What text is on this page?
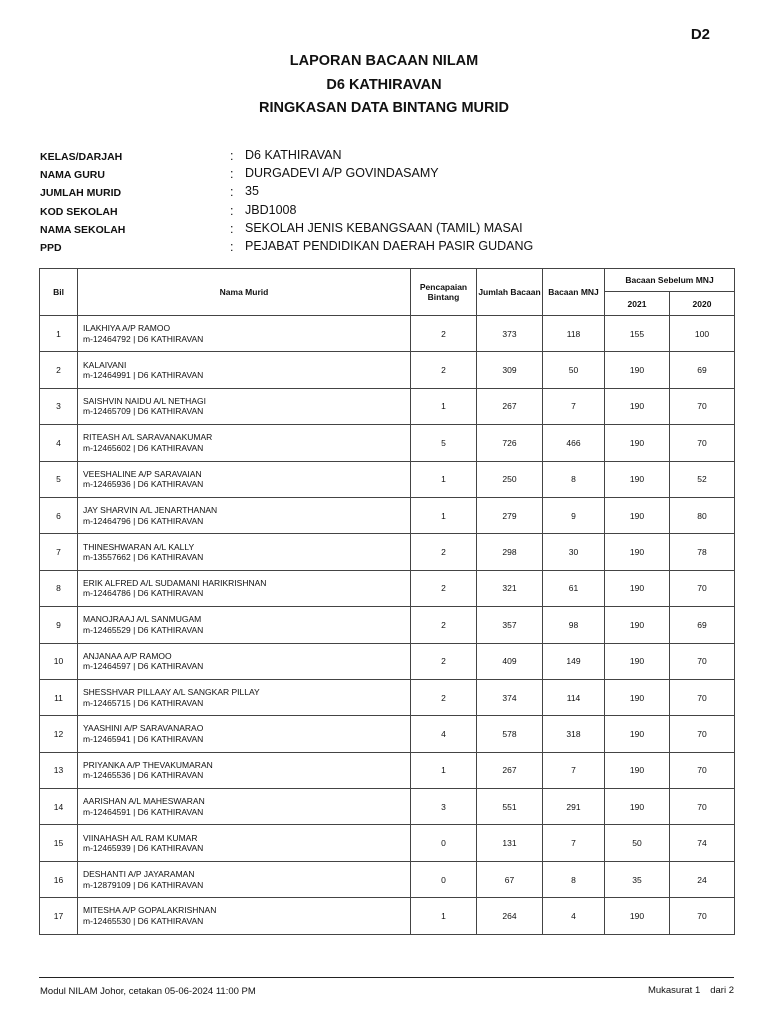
D2
LAPORAN BACAAN NILAM
D6 KATHIRAVAN
RINGKASAN DATA BINTANG MURID
KELAS/DARJAH	: D6 KATHIRAVAN
NAMA GURU	: DURGADEVI A/P GOVINDASAMY
JUMLAH MURID	: 35
KOD SEKOLAH	: JBD1008
NAMA SEKOLAH	: SEKOLAH JENIS KEBANGSAAN (TAMIL) MASAI
PPD	: PEJABAT PENDIDIKAN DAERAH PASIR GUDANG
Bil	Nama Murid	Pencapaian Bintang	Jumlah Bacaan	Bacaan MNJ	Bacaan Sebelum MNJ	
					2021	2020
1	ILAKHIYA A/P RAMOO
m-12464792 | D6 KATHIRAVAN	2	373	118	155	100
2	KALAIVANI
m-12464991 | D6 KATHIRAVAN	2	309	50	190	69
3	SAISHVIN NAIDU A/L NETHAGI
m-12465709 | D6 KATHIRAVAN	1	267	7	190	70
4	RITEASH A/L SARAVANAKUMAR
m-12465602 | D6 KATHIRAVAN	5	726	466	190	70
5	VEESHALINE A/P SARAVAIAN
m-12465936 | D6 KATHIRAVAN	1	250	8	190	52
6	JAY SHARVIN A/L JENARTHANAN
m-12464796 | D6 KATHIRAVAN	1	279	9	190	80
7	THINESHWARAN A/L KALLY
m-13557662 | D6 KATHIRAVAN	2	298	30	190	78
8	ERIK ALFRED A/L SUDAMANI HARIKRISHNAN
m-12464786 | D6 KATHIRAVAN	2	321	61	190	70
9	MANOJRAAJ A/L SANMUGAM
m-12465529 | D6 KATHIRAVAN	2	357	98	190	69
10	ANJANAA A/P RAMOO
m-12464597 | D6 KATHIRAVAN	2	409	149	190	70
11	SHESSHVAR PILLAAY A/L SANGKAR PILLAY
m-12465715 | D6 KATHIRAVAN	2	374	114	190	70
12	YAASHINI A/P SARAVANARAO
m-12465941 | D6 KATHIRAVAN	4	578	318	190	70
13	PRIYANKA A/P THEVAKUMARAN
m-12465536 | D6 KATHIRAVAN	1	267	7	190	70
14	AARISHAN A/L MAHESWARAN
m-12464591 | D6 KATHIRAVAN	3	551	291	190	70
15	VIINAHASH A/L RAM KUMAR
m-12465939 | D6 KATHIRAVAN	0	131	7	50	74
16	DESHANTI A/P JAYARAMAN
m-12879109 | D6 KATHIRAVAN	0	67	8	35	24
17	MITESHA A/P GOPALAKRISHNAN
m-12465530 | D6 KATHIRAVAN	1	264	4	190	70
Modul NILAM Johor, cetakan 05-06-2024 11:00 PM	Mukasurat 1 dari 2
